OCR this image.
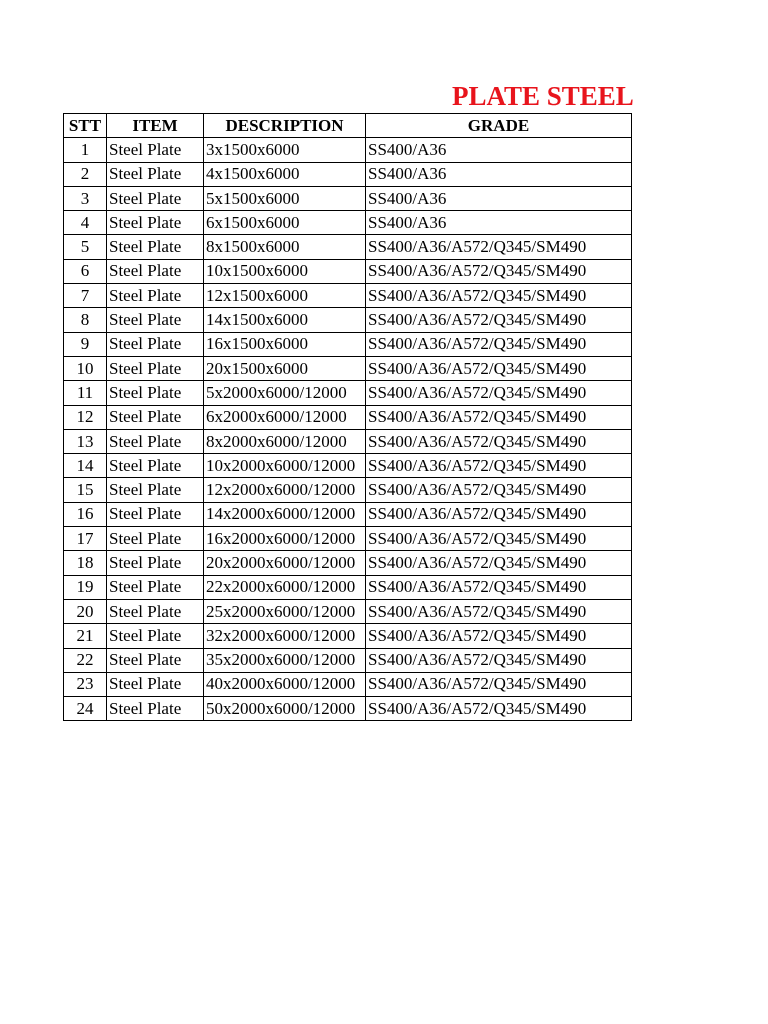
PLATE STEEL
STT	ITEM	DESCRIPTION	GRADE
1	Steel Plate	3x1500x6000	SS400/A36
2	Steel Plate	4x1500x6000	SS400/A36
3	Steel Plate	5x1500x6000	SS400/A36
4	Steel Plate	6x1500x6000	SS400/A36
5	Steel Plate	8x1500x6000	SS400/A36/A572/Q345/SM490
6	Steel Plate	10x1500x6000	SS400/A36/A572/Q345/SM490
7	Steel Plate	12x1500x6000	SS400/A36/A572/Q345/SM490
8	Steel Plate	14x1500x6000	SS400/A36/A572/Q345/SM490
9	Steel Plate	16x1500x6000	SS400/A36/A572/Q345/SM490
10	Steel Plate	20x1500x6000	SS400/A36/A572/Q345/SM490
11	Steel Plate	5x2000x6000/12000	SS400/A36/A572/Q345/SM490
12	Steel Plate	6x2000x6000/12000	SS400/A36/A572/Q345/SM490
13	Steel Plate	8x2000x6000/12000	SS400/A36/A572/Q345/SM490
14	Steel Plate	10x2000x6000/12000	SS400/A36/A572/Q345/SM490
15	Steel Plate	12x2000x6000/12000	SS400/A36/A572/Q345/SM490
16	Steel Plate	14x2000x6000/12000	SS400/A36/A572/Q345/SM490
17	Steel Plate	16x2000x6000/12000	SS400/A36/A572/Q345/SM490
18	Steel Plate	20x2000x6000/12000	SS400/A36/A572/Q345/SM490
19	Steel Plate	22x2000x6000/12000	SS400/A36/A572/Q345/SM490
20	Steel Plate	25x2000x6000/12000	SS400/A36/A572/Q345/SM490
21	Steel Plate	32x2000x6000/12000	SS400/A36/A572/Q345/SM490
22	Steel Plate	35x2000x6000/12000	SS400/A36/A572/Q345/SM490
23	Steel Plate	40x2000x6000/12000	SS400/A36/A572/Q345/SM490
24	Steel Plate	50x2000x6000/12000	SS400/A36/A572/Q345/SM490
